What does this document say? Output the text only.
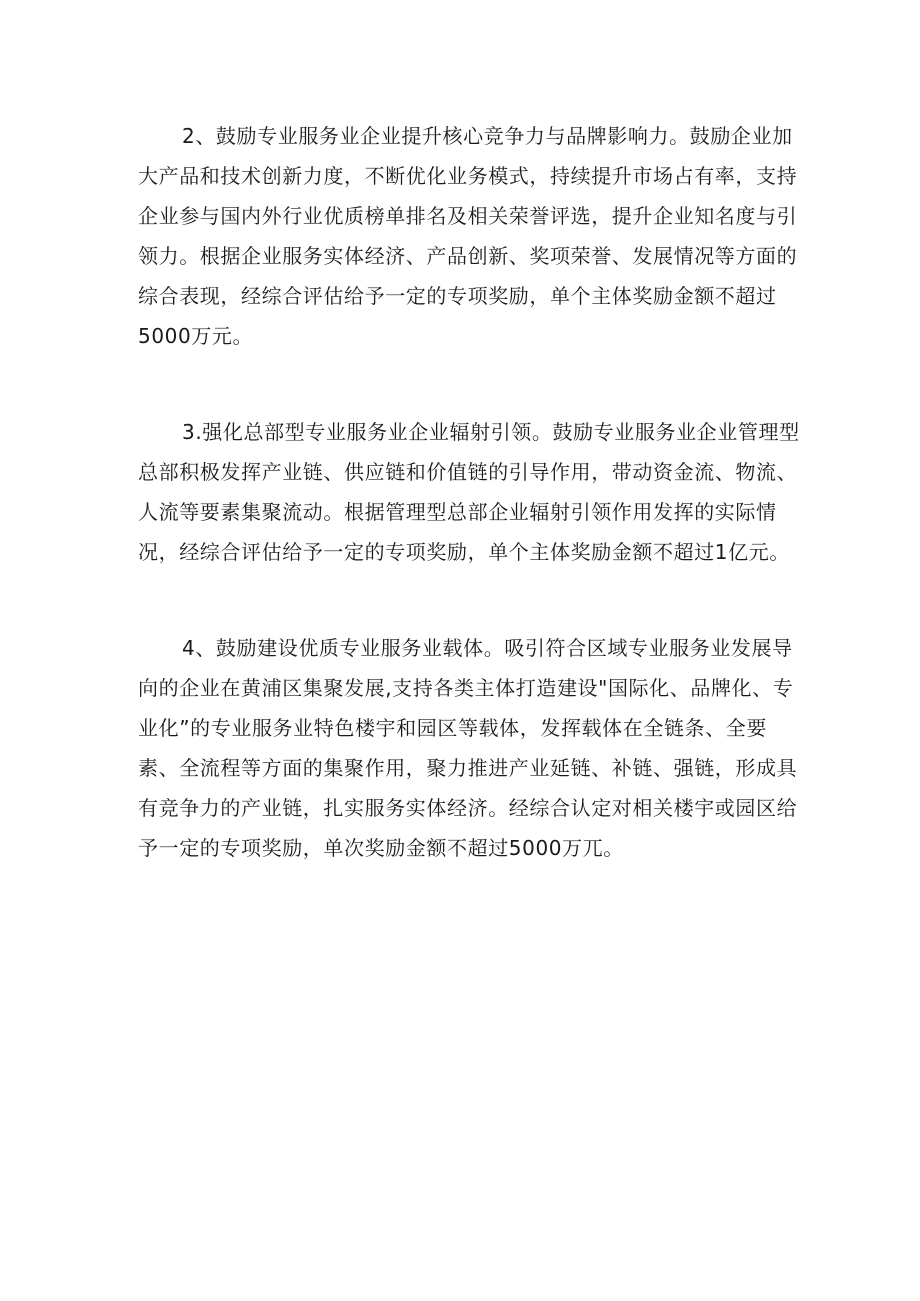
2、鼓励专业服务业企业提升核心竞争力与品牌影响力。鼓励企业加
大产品和技术创新力度，不断优化业务模式，持续提升市场占有率，支持
企业参与国内外行业优质榜单排名及相关荣誉评选，提升企业知名度与引
领力。根据企业服务实体经济、产品创新、奖项荣誉、发展情况等方面的
综合表现，经综合评估给予一定的专项奖励，单个主体奖励金额不超过
5000万元。

3.强化总部型专业服务业企业辐射引领。鼓励专业服务业企业管理型
总部积极发挥产业链、供应链和价值链的引导作用，带动资金流、物流、
人流等要素集聚流动。根据管理型总部企业辐射引领作用发挥的实际情
况，经综合评估给予一定的专项奖励，单个主体奖励金额不超过1亿元。

4、鼓励建设优质专业服务业载体。吸引符合区域专业服务业发展导
向的企业在黄浦区集聚发展,支持各类主体打造建设"国际化、品牌化、专
业化”的专业服务业特色楼宇和园区等载体，发挥载体在全链条、全要
素、全流程等方面的集聚作用，聚力推进产业延链、补链、强链，形成具
有竞争力的产业链，扎实服务实体经济。经综合认定对相关楼宇或园区给
予一定的专项奖励，单次奖励金额不超过5000万兀。
